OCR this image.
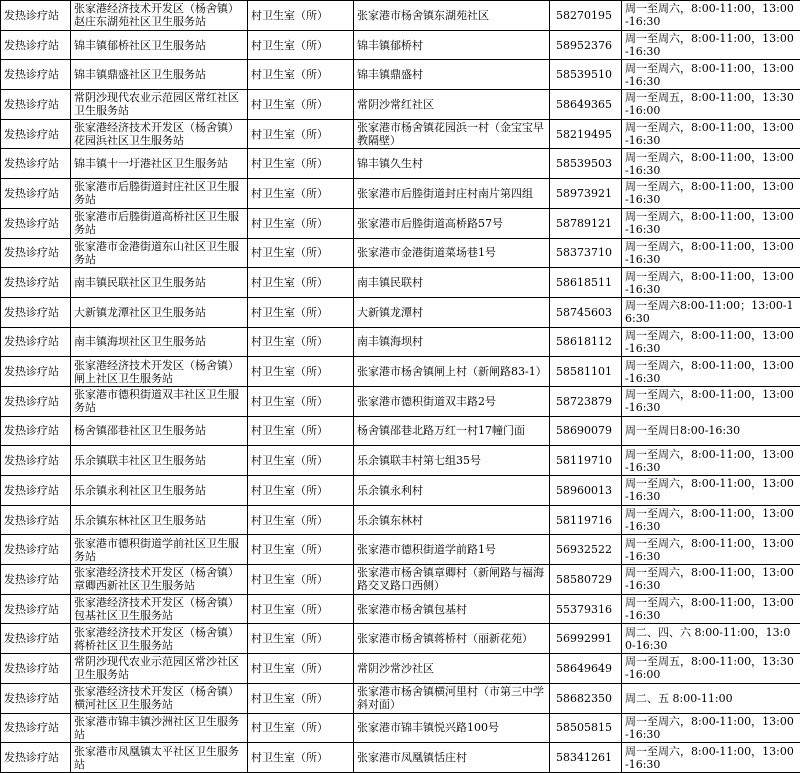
发热诊疗站	张家港经济技术开发区（杨舍镇）赵庄东湖苑社区卫生服务站	村卫生室（所）	张家港市杨舍镇东湖苑社区	58270195	周一至周六，8:00-11:00，13:00-16:30
发热诊疗站	锦丰镇郁桥社区卫生服务站	村卫生室（所）	锦丰镇郁桥村	58952376	周一至周六，8:00-11:00，13:00-16:30
发热诊疗站	锦丰镇鼎盛社区卫生服务站	村卫生室（所）	锦丰镇鼎盛村	58539510	周一至周六，8:00-11:00，13:00-16:30
发热诊疗站	常阴沙现代农业示范园区常红社区卫生服务站	村卫生室（所）	常阴沙常红社区	58649365	周一至周五，8:00-11:00，13:30-16:00
发热诊疗站	张家港经济技术开发区（杨舍镇）花园浜社区卫生服务站	村卫生室（所）	张家港市杨舍镇花园浜一村（金宝宝早教隔壁）	58219495	周一至周六，8:00-11:00，13:00-16:30
发热诊疗站	锦丰镇十一圩港社区卫生服务站	村卫生室（所）	锦丰镇久生村	58539503	周一至周六，8:00-11:00，13:00-16:30
发热诊疗站	张家港市后塍街道封庄社区卫生服务站	村卫生室（所）	张家港市后塍街道封庄村南片第四组	58973921	周一至周六，8:00-11:00，13:00-16:30
发热诊疗站	张家港市后塍街道高桥社区卫生服务站	村卫生室（所）	张家港市后塍街道高桥路57号	58789121	周一至周六，8:00-11:00，13:00-16:30
发热诊疗站	张家港市金港街道东山社区卫生服务站	村卫生室（所）	张家港市金港街道菜场巷1号	58373710	周一至周六，8:00-11:00，13:00-16:30
发热诊疗站	南丰镇民联社区卫生服务站	村卫生室（所）	南丰镇民联村	58618511	周一至周六，8:00-11:00，13:00-16:30
发热诊疗站	大新镇龙潭社区卫生服务站	村卫生室（所）	大新镇龙潭村	58745603	周一至周六8:00-11:00；13:00-16:30
发热诊疗站	南丰镇海坝社区卫生服务站	村卫生室（所）	南丰镇海坝村	58618112	周一至周六，8:00-11:00，13:00-16:30
发热诊疗站	张家港经济技术开发区（杨舍镇）闸上社区卫生服务站	村卫生室（所）	张家港市杨舍镇闸上村（新闸路83-1）	58581101	周一至周六，8:00-11:00，13:00-16:30
发热诊疗站	张家港市德积街道双丰社区卫生服务站	村卫生室（所）	张家港市德积街道双丰路2号	58723879	周一至周六，8:00-11:00，13:00-16:30
发热诊疗站	杨舍镇邵巷社区卫生服务站	村卫生室（所）	杨舍镇邵巷北路万红一村17幢门面	58690079	周一至周日8:00-16:30
发热诊疗站	乐余镇联丰社区卫生服务站	村卫生室（所）	乐余镇联丰村第七组35号	58119710	周一至周六，8:00-11:00，13:00-16:30
发热诊疗站	乐余镇永利社区卫生服务站	村卫生室（所）	乐余镇永利村	58960013	周一至周六，8:00-11:00，13:00-16:30
发热诊疗站	乐余镇东林社区卫生服务站	村卫生室（所）	乐余镇东林村	58119716	周一至周六，8:00-11:00，13:00-16:30
发热诊疗站	张家港市德积街道学前社区卫生服务站	村卫生室（所）	张家港市德积街道学前路1号	56932522	周一至周六，8:00-11:00，13:00-16:30
发热诊疗站	张家港经济技术开发区（杨舍镇）章卿西新社区卫生服务站	村卫生室（所）	张家港市杨舍镇章卿村（新闸路与福海路交叉路口西侧）	58580729	周一至周六，8:00-11:00，13:00-16:30
发热诊疗站	张家港经济技术开发区（杨舍镇）包基社区卫生服务站	村卫生室（所）	张家港市杨舍镇包基村	55379316	周一至周六，8:00-11:00，13:00-16:30
发热诊疗站	张家港经济技术开发区（杨舍镇）蒋桥社区卫生服务站	村卫生室（所）	张家港市杨舍镇蒋桥村（丽新花苑）	56992991	周二、四、六 8:00-11:00，13:00-16:30
发热诊疗站	常阴沙现代农业示范园区常沙社区卫生服务站	村卫生室（所）	常阴沙常沙社区	58649649	周一至周五，8:00-11:00，13:30-16:00
发热诊疗站	张家港经济技术开发区（杨舍镇）横河社区卫生服务站	村卫生室（所）	张家港市杨舍镇横河里村（市第三中学斜对面）	58682350	周二、五 8:00-11:00
发热诊疗站	张家港市锦丰镇沙洲社区卫生服务站	村卫生室（所）	张家港市锦丰镇悦兴路100号	58505815	周一至周六，8:00-11:00，13:00-16:30
发热诊疗站	张家港市凤凰镇太平社区卫生服务站	村卫生室（所）	张家港市凤凰镇恬庄村	58341261	周一至周六，8:00-11:00，13:00-16:30
